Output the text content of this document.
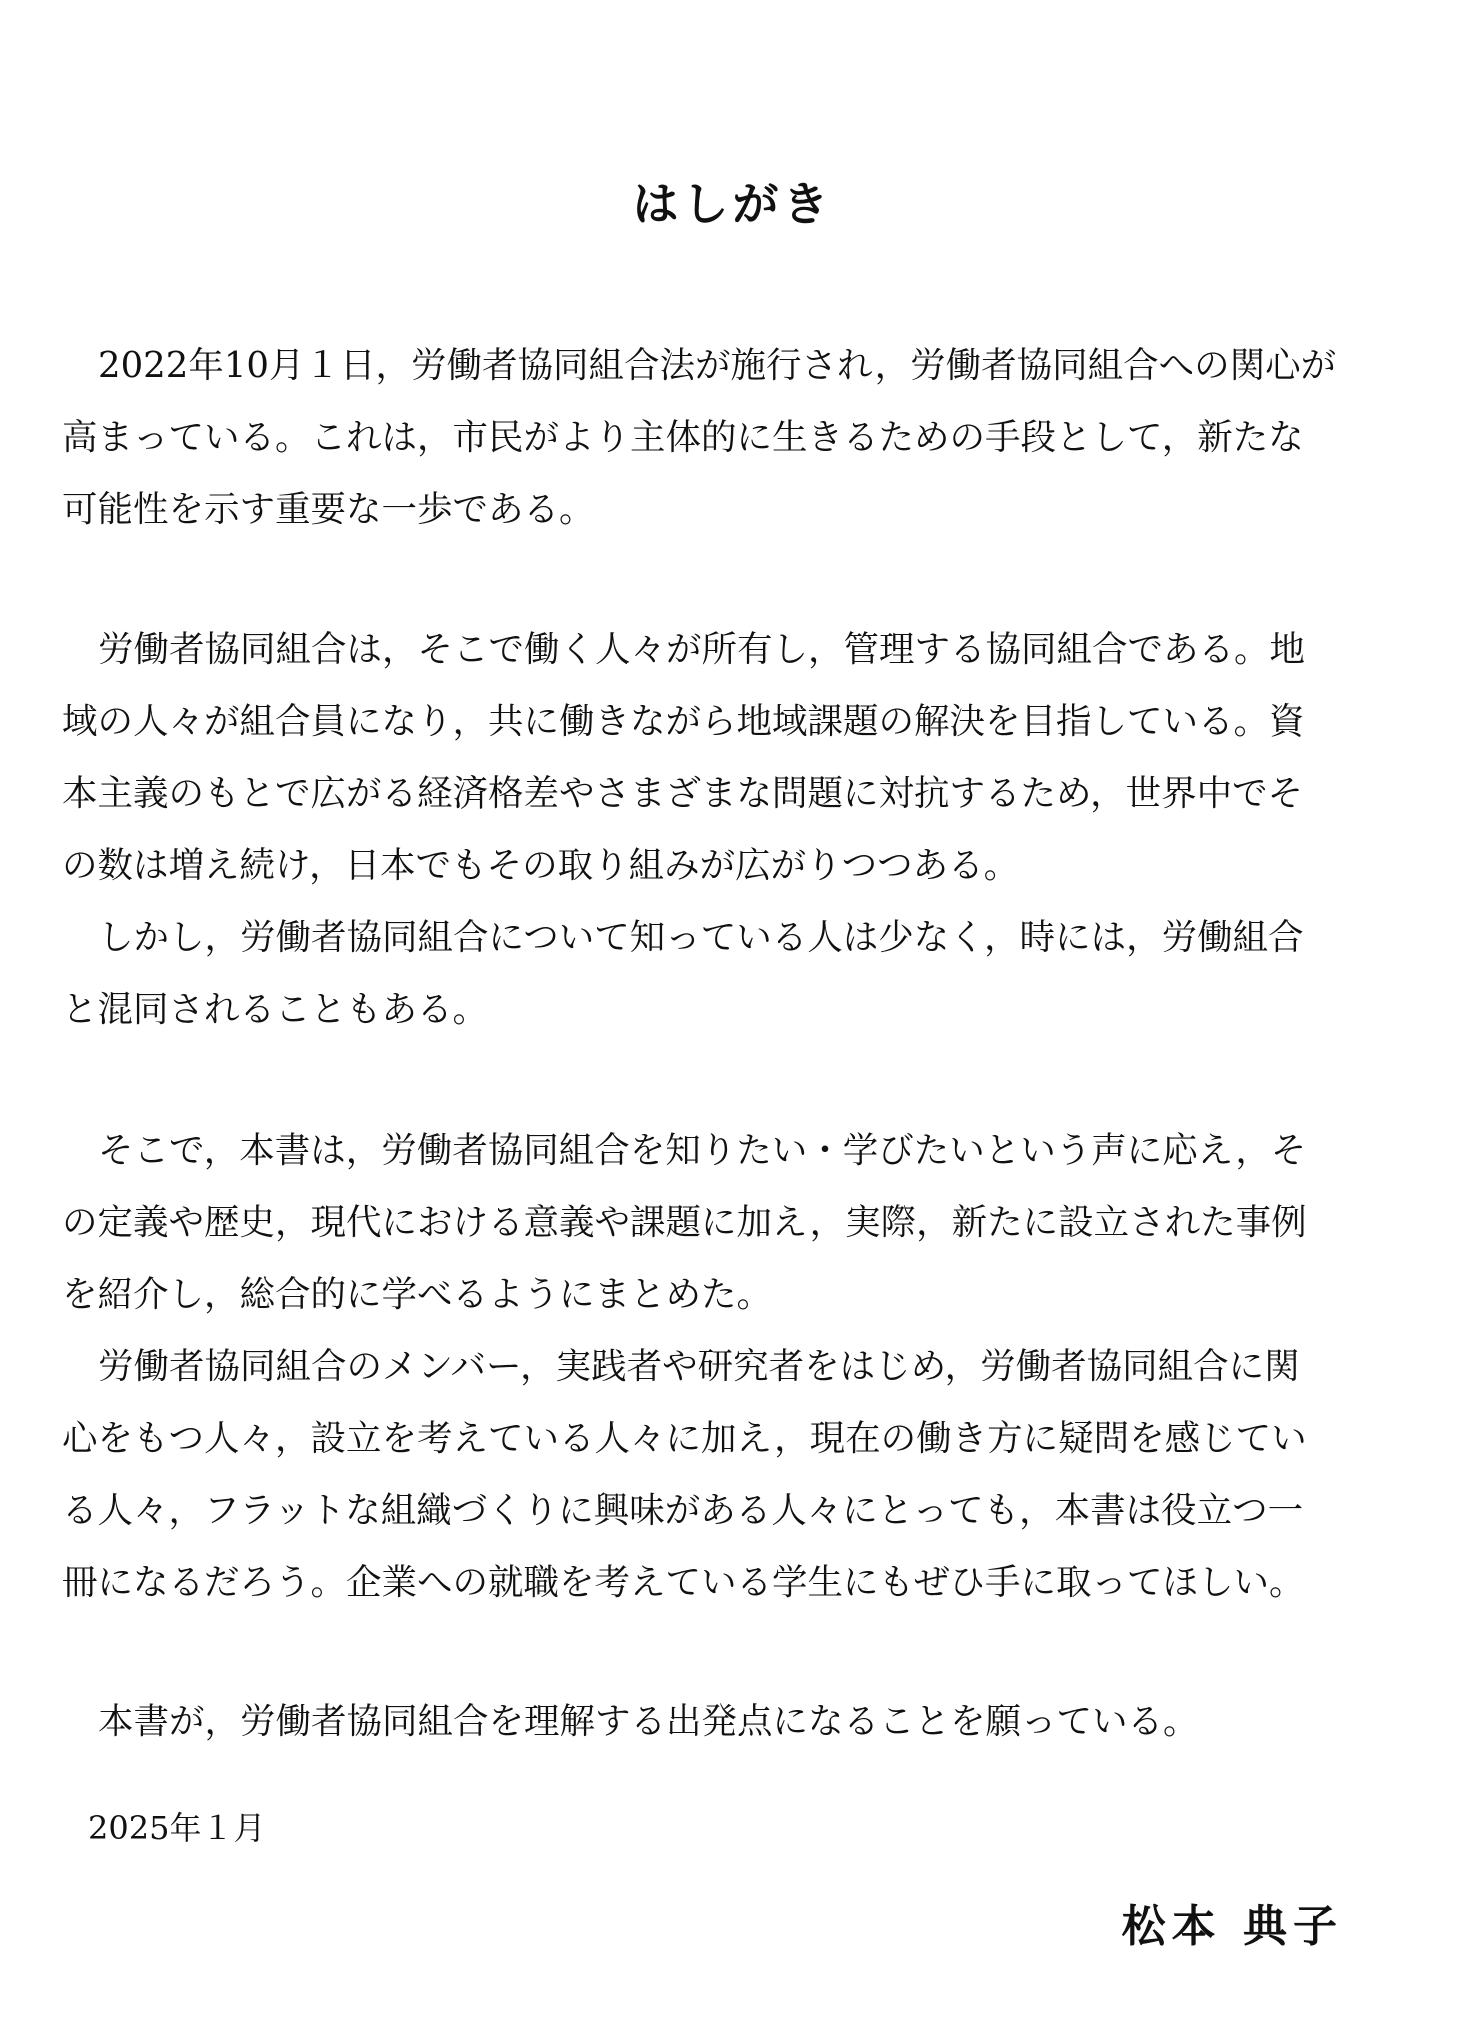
はしがき
2022年10月１日，労働者協同組合法が施行され，労働者協同組合への関心が
高まっている。これは，市民がより主体的に生きるための手段として，新たな
可能性を示す重要な一歩である。
労働者協同組合は，そこで働く人々が所有し，管理する協同組合である。地
域の人々が組合員になり，共に働きながら地域課題の解決を目指している。資
本主義のもとで広がる経済格差やさまざまな問題に対抗するため，世界中でそ
の数は増え続け，日本でもその取り組みが広がりつつある。
しかし，労働者協同組合について知っている人は少なく，時には，労働組合
と混同されることもある。
そこで，本書は，労働者協同組合を知りたい・学びたいという声に応え，そ
の定義や歴史，現代における意義や課題に加え，実際，新たに設立された事例
を紹介し，総合的に学べるようにまとめた。
労働者協同組合のメンバー，実践者や研究者をはじめ，労働者協同組合に関
心をもつ人々，設立を考えている人々に加え，現在の働き方に疑問を感じてい
る人々，フラットな組織づくりに興味がある人々にとっても，本書は役立つ一
冊になるだろう。企業への就職を考えている学生にもぜひ手に取ってほしい。
本書が，労働者協同組合を理解する出発点になることを願っている。
2025年１月
松本 典子
